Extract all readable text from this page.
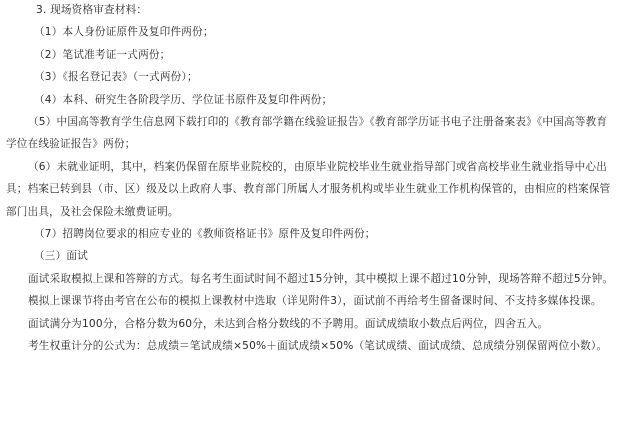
3. 现场资格审查材料：

（1）本人身份证原件及复印件两份；

（2）笔试准考证一式两份；

（3）《报名登记表》（一式两份）；

（4）本科、研究生各阶段学历、学位证书原件及复印件两份；

（5）中国高等教育学生信息网下载打印的《教育部学籍在线验证报告》《教育部学历证书电子注册备案表》《中国高等教育学位在线验证报告》两份；

（6）未就业证明，其中，档案仍保留在原毕业院校的，由原毕业院校毕业生就业指导部门或省高校毕业生就业指导中心出具；档案已转到县（市、区）级及以上政府人事、教育部门所属人才服务机构或毕业生就业工作机构保管的，由相应的档案保管部门出具，及社会保险未缴费证明。

（7）招聘岗位要求的相应专业的《教师资格证书》原件及复印件两份；

（三）面试

面试采取模拟上课和答辩的方式。每名考生面试时间不超过15分钟，其中模拟上课不超过10分钟，现场答辩不超过5分钟。

模拟上课课节将由考官在公布的模拟上课教材中选取（详见附件3），面试前不再给考生留备课时间、不支持多媒体投课。

面试满分为100分，合格分数为60分，未达到合格分数线的不予聘用。面试成绩取小数点后两位，四舍五入。

考生权重计分的公式为：总成绩＝笔试成绩×50%＋面试成绩×50%（笔试成绩、面试成绩、总成绩分别保留两位小数）。
